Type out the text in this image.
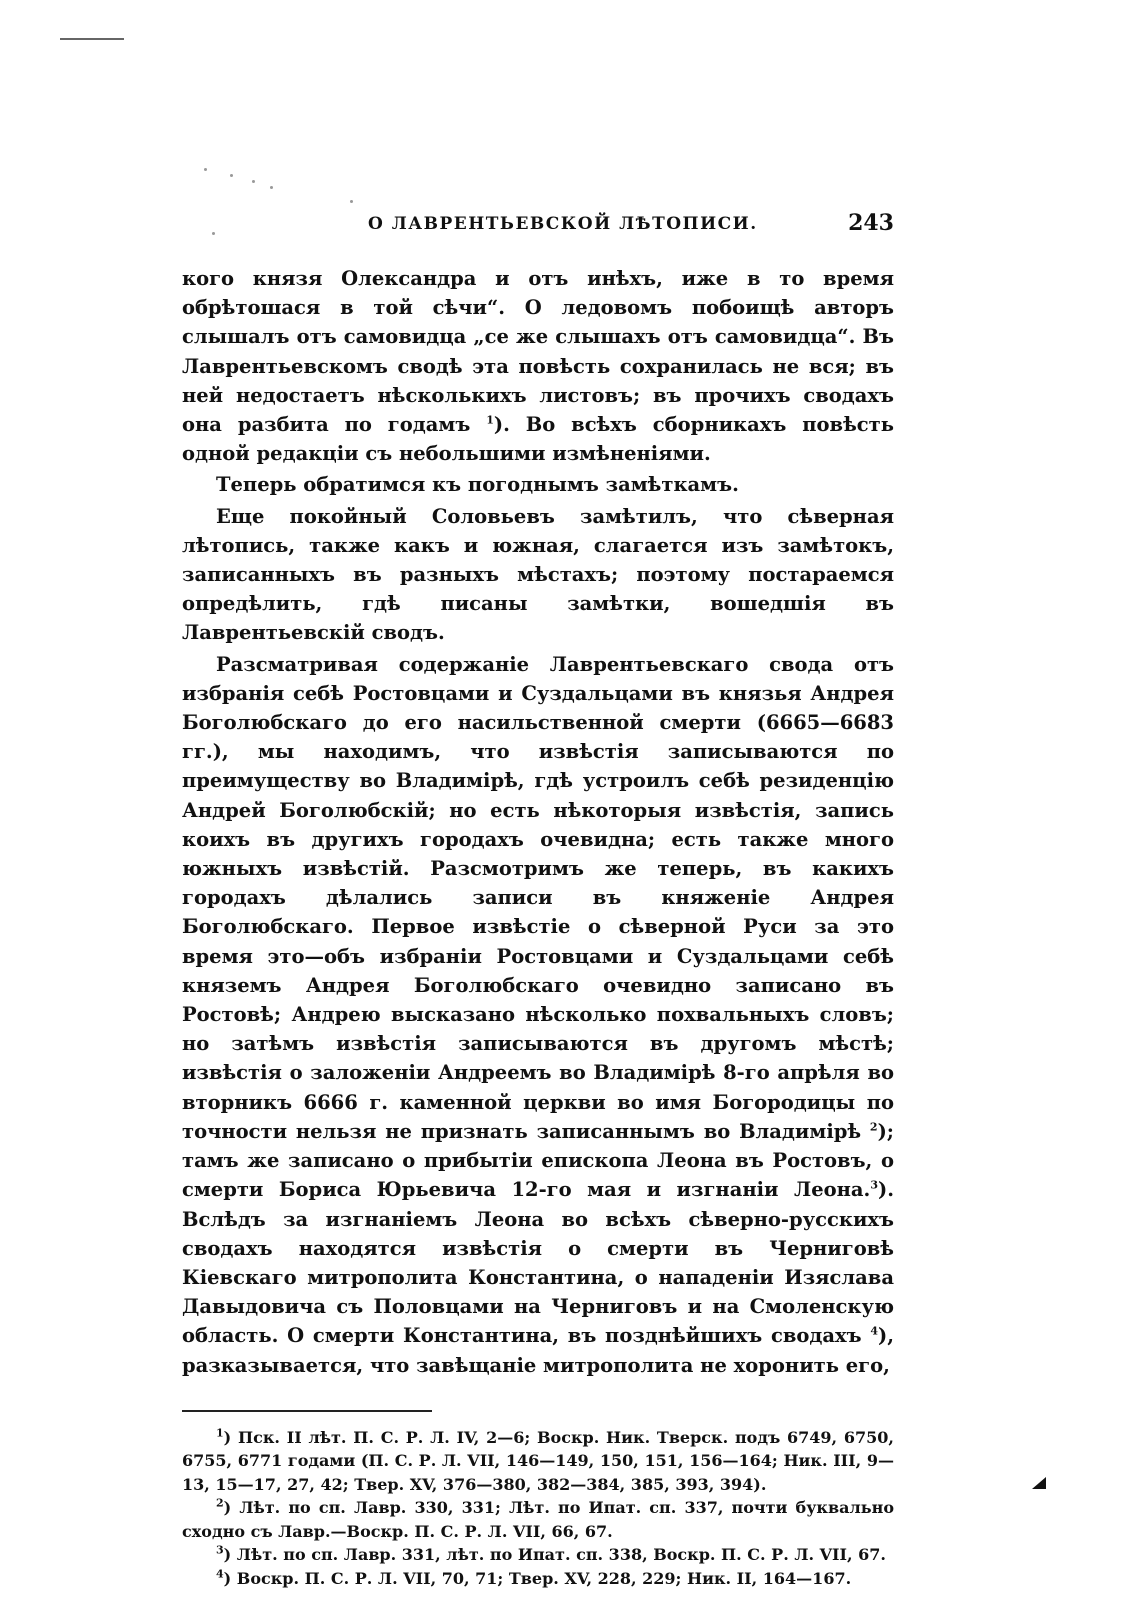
О ЛАВРЕНТЬЕВСКОЙ ЛѢТОПИСИ.	243

кого князя Олександра и отъ инѣхъ, иже в то время обрѣтошася в той сѣчи“. О ледовомъ побоищѣ авторъ слышалъ отъ самовидца „се же слышахъ отъ самовидца“. Въ Лаврентьевскомъ сводѣ эта повѣсть сохранилась не вся; въ ней недостаетъ нѣсколькихъ листовъ; въ прочихъ сводахъ она разбита по годамъ $^1$). Во всѣхъ сборникахъ повѣсть одной редакціи съ небольшими измѣненіями.

Теперь обратимся къ погоднымъ замѣткамъ.

Еще покойный Соловьевъ замѣтилъ, что сѣверная лѣтопись, также какъ и южная, слагается изъ замѣтокъ, записанныхъ въ разныхъ мѣстахъ; поэтому постараемся опредѣлить, гдѣ писаны замѣтки, вошедшія въ Лаврентьевскій сводъ.

Разсматривая содержаніе Лаврентьевскаго свода отъ избранія себѣ Ростовцами и Суздальцами въ князья Андрея Боголюбскаго до его насильственной смерти (6665—6683 гг.), мы находимъ, что извѣстія записываются по преимуществу во Владимірѣ, гдѣ устроилъ себѣ резиденцію Андрей Боголюбскій; но есть нѣкоторыя извѣстія, запись коихъ въ другихъ городахъ очевидна; есть также много южныхъ извѣстій. Разсмотримъ же теперь, въ какихъ городахъ дѣлались записи въ княженіе Андрея Боголюбскаго. Первое извѣстіе о сѣверной Руси за это время это—объ избраніи Ростовцами и Суздальцами себѣ княземъ Андрея Боголюбскаго очевидно записано въ Ростовѣ; Андрею высказано нѣсколько похвальныхъ словъ; но затѣмъ извѣстія записываются въ другомъ мѣстѣ; извѣстія о заложеніи Андреемъ во Владимірѣ 8-го апрѣля во вторникъ 6666 г. каменной церкви во имя Богородицы по точности нельзя не признать записаннымъ во Владимірѣ $^2$); тамъ же записано о прибытіи епископа Леона въ Ростовъ, о смерти Бориса Юрьевича 12-го мая и изгнаніи Леона.$^3$). Вслѣдъ за изгнаніемъ Леона во всѣхъ сѣверно-русскихъ сводахъ находятся извѣстія о смерти въ Черниговѣ Кіевскаго митрополита Константина, о нападеніи Изяслава Давыдовича съ Половцами на Черниговъ и на Смоленскую область. О смерти Константина, въ позднѣйшихъ сводахъ $^4$), разказывается, что завѣщаніе митрополита не хоронить его,

$^1$) Пск. II лѣт. П. С. Р. Л. IV, 2—6; Воскр. Ник. Тверск. подъ 6749, 6750, 6755, 6771 годами (П. С. Р. Л. VII, 146—149, 150, 151, 156—164; Ник. III, 9—13, 15—17, 27, 42; Твер. XV, 376—380, 382—384, 385, 393, 394).

$^2$) Лѣт. по сп. Лавр. 330, 331; Лѣт. по Ипат. сп. 337, почти буквально сходно съ Лавр.—Воскр. П. С. Р. Л. VII, 66, 67.

$^3$) Лѣт. по сп. Лавр. 331, лѣт. по Ипат. сп. 338, Воскр. П. С. Р. Л. VII, 67.

$^4$) Воскр. П. С. Р. Л. VII, 70, 71; Твер. XV, 228, 229; Ник. II, 164—167.
